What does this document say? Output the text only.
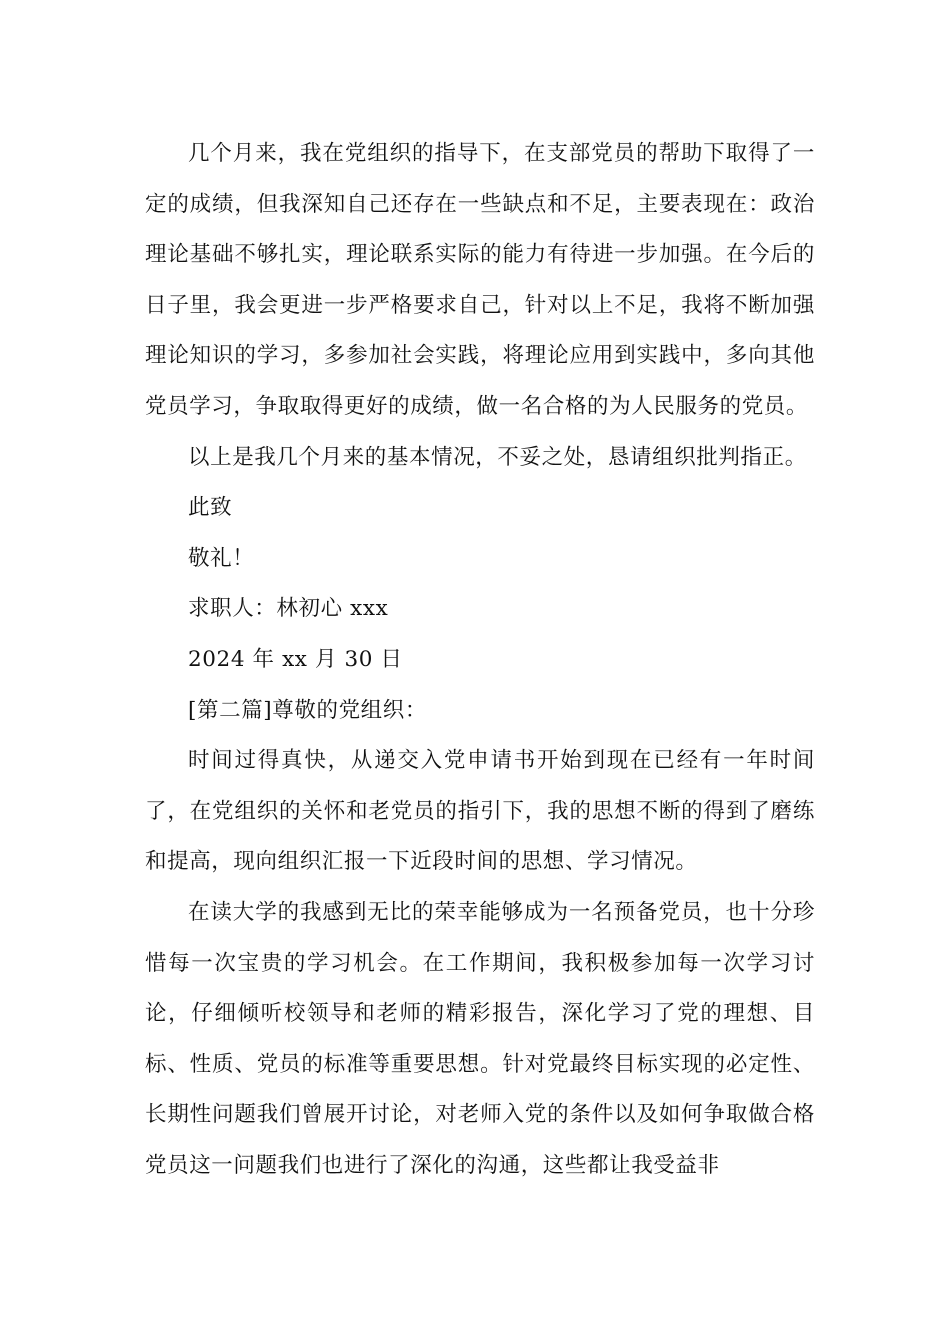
几个月来，我在党组织的指导下，在支部党员的帮助下取得了一定的成绩，但我深知自己还存在一些缺点和不足，主要表现在：政治理论基础不够扎实，理论联系实际的能力有待进一步加强。在今后的日子里，我会更进一步严格要求自己，针对以上不足，我将不断加强理论知识的学习，多参加社会实践，将理论应用到实践中，多向其他党员学习，争取取得更好的成绩，做一名合格的为人民服务的党员。

以上是我几个月来的基本情况，不妥之处，恳请组织批判指正。

此致

敬礼！

求职人：林初心 xxx

2024 年 xx 月 30 日

[第二篇]尊敬的党组织：

时间过得真快，从递交入党申请书开始到现在已经有一年时间了，在党组织的关怀和老党员的指引下，我的思想不断的得到了磨练和提高，现向组织汇报一下近段时间的思想、学习情况。

在读大学的我感到无比的荣幸能够成为一名预备党员，也十分珍惜每一次宝贵的学习机会。在工作期间，我积极参加每一次学习讨论，仔细倾听校领导和老师的精彩报告，深化学习了党的理想、目标、性质、党员的标准等重要思想。针对党最终目标实现的必定性、长期性问题我们曾展开讨论，对老师入党的条件以及如何争取做合格党员这一问题我们也进行了深化的沟通，这些都让我受益非
